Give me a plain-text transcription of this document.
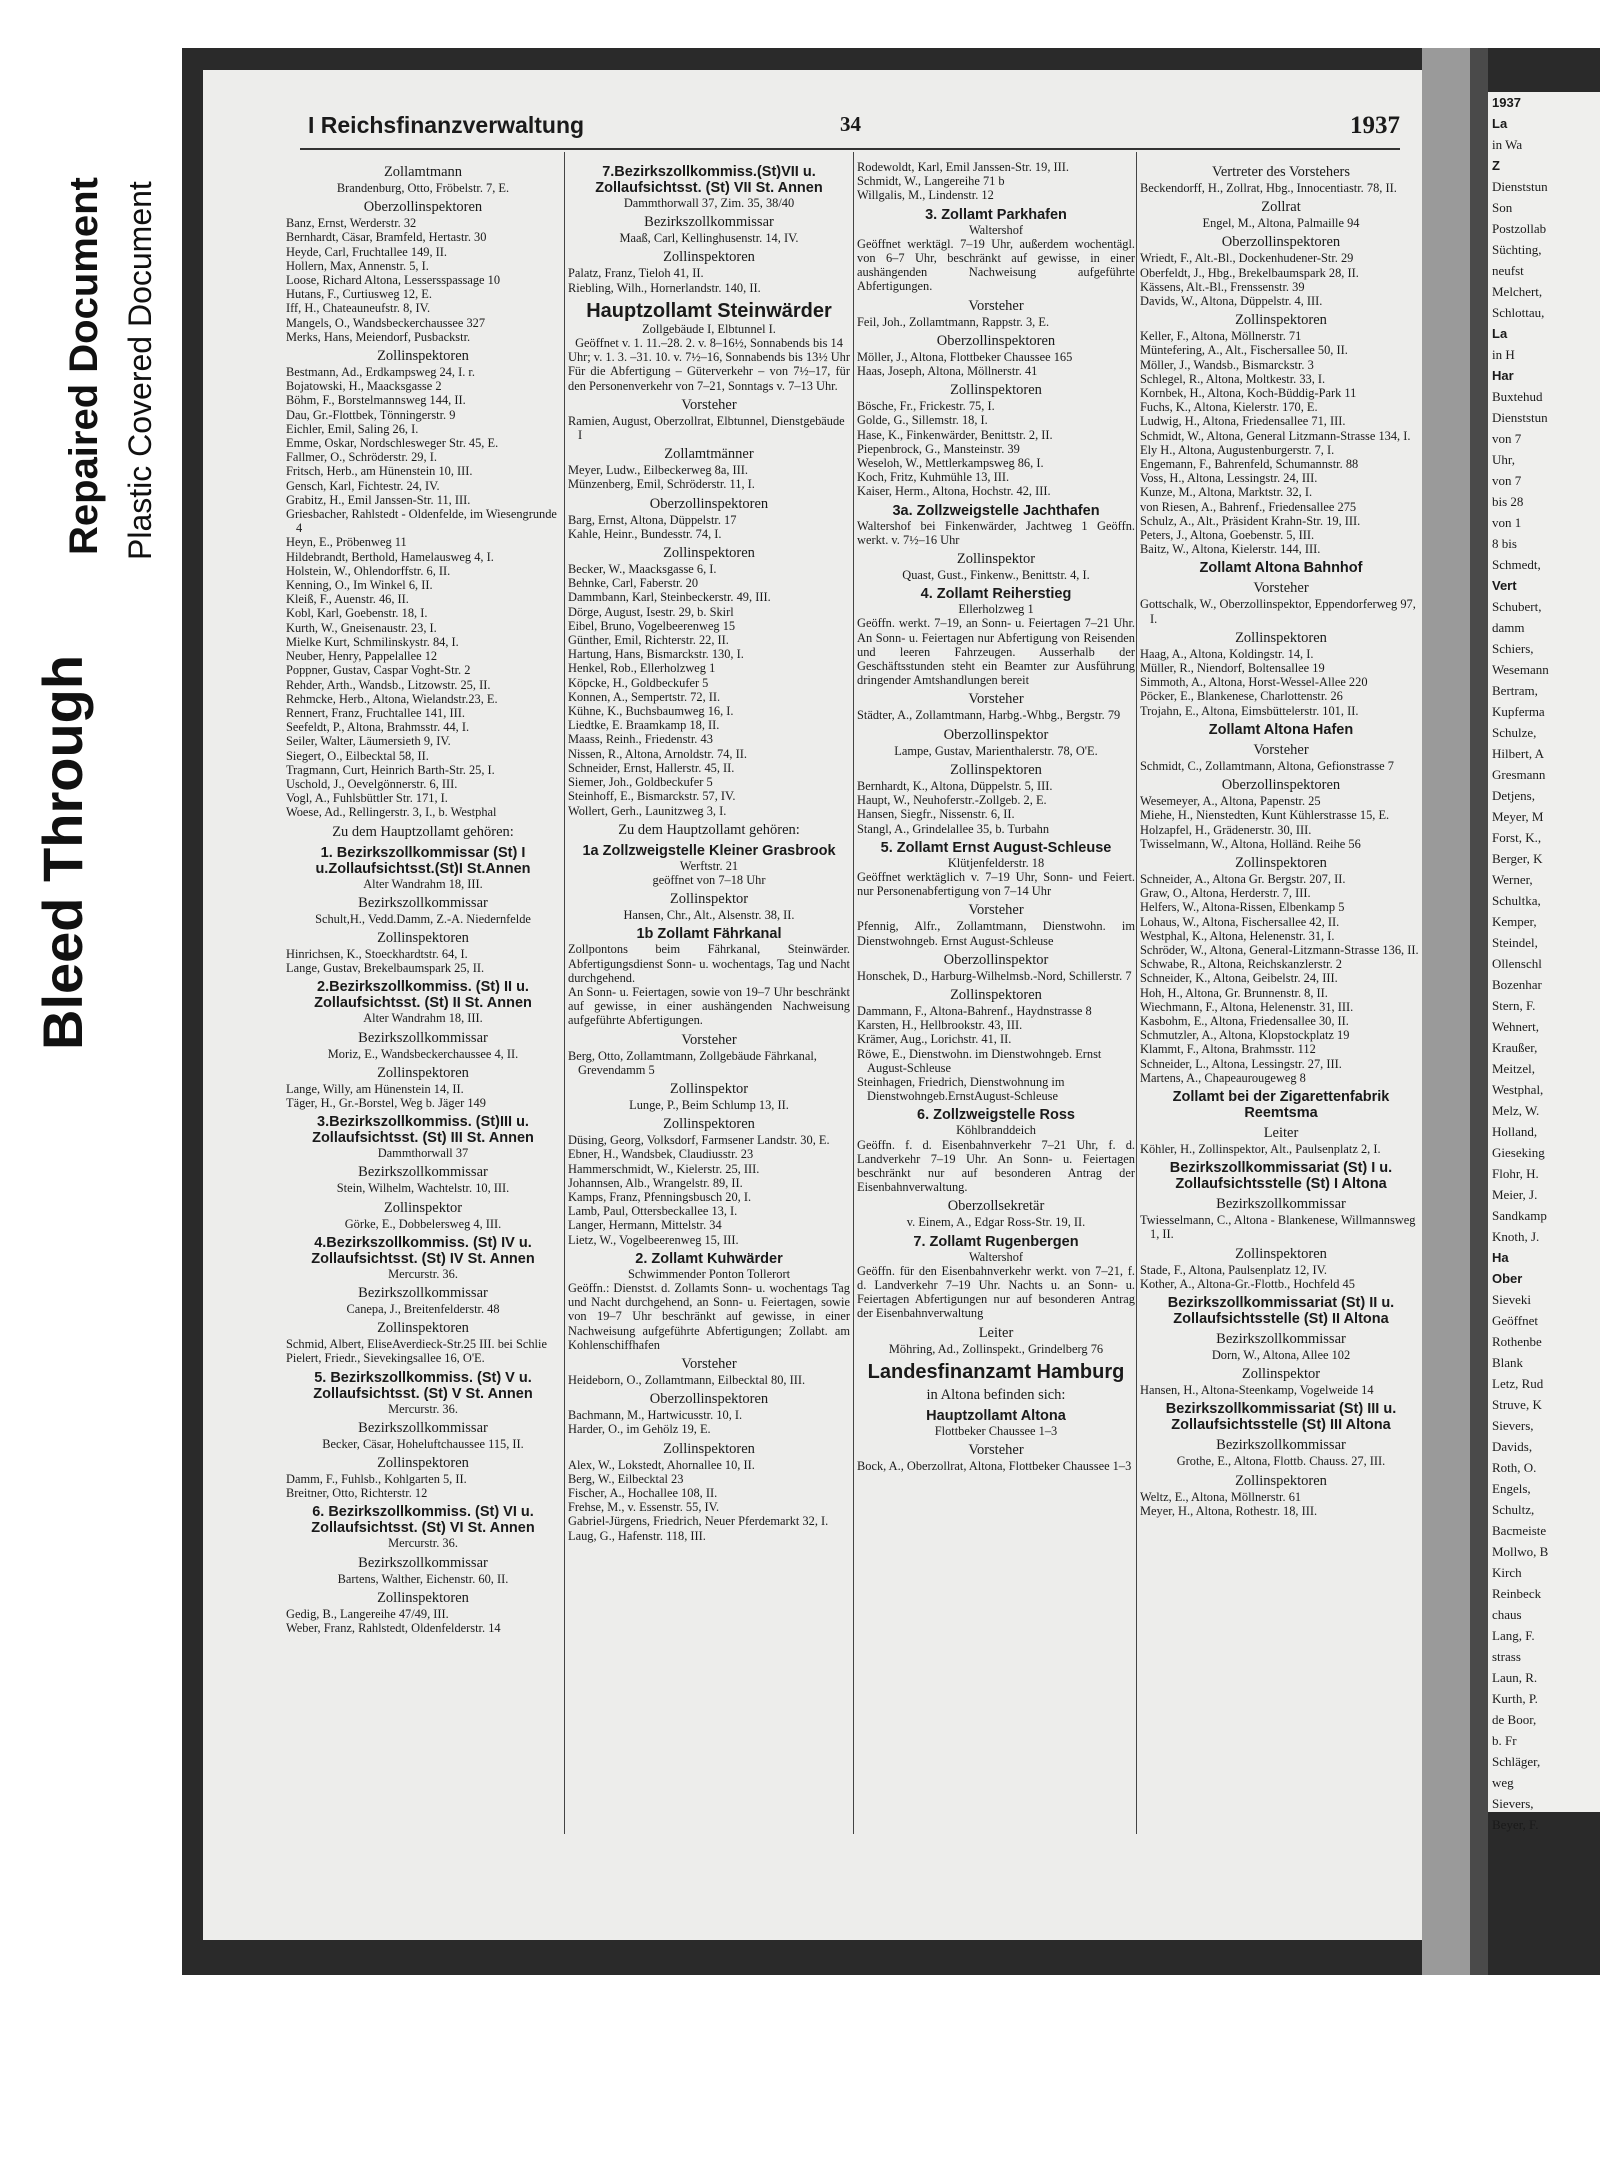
Bleed Through
Repaired Document Plastic Covered Document
1937
La
in Wa
Z
Dienststun
Son
Postzollab
Süchting,
neufst
Melchert,
Schlottau,
La
in H
Har
Buxtehud
Dienststun
von 7
Uhr,
von 7
bis 28
von 1
8 bis
Schmedt,
Vert
Schubert,
damm
Schiers,
Wesemann
Bertram,
Kupferma
Schulze,
Hilbert, A
Gresmann
Detjens,
Meyer, M
Forst, K.,
Berger, K
Werner,
Schultka,
Kemper,
Steindel,
Ollenschl
Bozenhar
Stern, F.
Wehnert,
Kraußer,
Meitzel,
Westphal,
Melz, W.
Holland,
Gieseking
Flohr, H.
Meier, J.
Sandkamp
Knoth, J.
Ha
Ober
Sieveki
Geöffnet
Rothenbe
Blank
Letz, Rud
Struve, K
Sievers,
Davids,
Roth, O.
Engels,
Schultz,
Bacmeiste
Mollwo, B
Kirch
Reinbeck
chaus
Lang, F.
strass
Laun, R.
Kurth, P.
de Boor,
b. Fr
Schläger,
weg
Sievers,
Beyer, F.
I Reichsfinanzverwaltung	34	1937
Zollamtmann
Brandenburg, Otto, Fröbelstr. 7, E.
Oberzollinspektoren
Banz, Ernst, Werderstr. 32
Bernhardt, Cäsar, Bramfeld, Hertastr. 30
Heyde, Carl, Fruchtallee 149, II.
Hollern, Max, Annenstr. 5, I.
Loose, Richard Altona, Lessersspassage 10
Hutans, F., Curtiusweg 12, E.
Iff, H., Chateauneufstr. 8, IV.
Mangels, O., Wandsbeckerchaussee 327
Merks, Hans, Meiendorf, Pusbackstr.
Zollinspektoren
Bestmann, Ad., Erdkampsweg 24, I. r.
Bojatowski, H., Maacksgasse 2
Böhm, F., Borstelmannsweg 144, II.
Dau, Gr.-Flottbek, Tönningerstr. 9
Eichler, Emil, Saling 26, I.
Emme, Oskar, Nordschlesweger Str. 45, E.
Fallmer, O., Schröderstr. 29, I.
Fritsch, Herb., am Hünenstein 10, III.
Gensch, Karl, Fichtestr. 24, IV.
Grabitz, H., Emil Janssen-Str. 11, III.
Griesbacher, Rahlstedt - Oldenfelde, im Wiesengrunde 4
Heyn, E., Pröbenweg 11
Hildebrandt, Berthold, Hamelausweg 4, I.
Holstein, W., Ohlendorffstr. 6, II.
Kenning, O., Im Winkel 6, II.
Kleiß, F., Auenstr. 46, II.
Kobl, Karl, Goebenstr. 18, I.
Kurth, W., Gneisenaustr. 23, I.
Mielke Kurt, Schmilinskystr. 84, I.
Neuber, Henry, Pappelallee 12
Poppner, Gustav, Caspar Voght-Str. 2
Rehder, Arth., Wandsb., Litzowstr. 25, II.
Rehmcke, Herb., Altona, Wielandstr.23, E.
Rennert, Franz, Fruchtallee 141, III.
Seefeldt, P., Altona, Brahmsstr. 44, I.
Seiler, Walter, Läumersieth 9, IV.
Siegert, O., Eilbecktal 58, II.
Tragmann, Curt, Heinrich Barth-Str. 25, I.
Uschold, J., Oevelgönnerstr. 6, III.
Vogl, A., Fuhlsbüttler Str. 171, I.
Woese, Ad., Rellingerstr. 3, I., b. Westphal
Zu dem Hauptzollamt gehören:
1. Bezirkszollkommissar (St) I u.Zollaufsichtsst.(St)I St.Annen
Alter Wandrahm 18, III.
Bezirkszollkommissar
Schult,H., Vedd.Damm, Z.-A. Niedernfelde
Zollinspektoren
Hinrichsen, K., Stoeckhardtstr. 64, I.
Lange, Gustav, Brekelbaumspark 25, II.
2.Bezirkszollkommiss. (St) II u. Zollaufsichtsst. (St) II St. Annen
Alter Wandrahm 18, III.
Bezirkszollkommissar
Moriz, E., Wandsbeckerchaussee 4, II.
Zollinspektoren
Lange, Willy, am Hünenstein 14, II.
Täger, H., Gr.-Borstel, Weg b. Jäger 149
3.Bezirkszollkommiss. (St)III u. Zollaufsichtsst. (St) III St. Annen
Dammthorwall 37
Bezirkszollkommissar
Stein, Wilhelm, Wachtelstr. 10, III.
Zollinspektor
Görke, E., Dobbelersweg 4, III.
4.Bezirkszollkommiss. (St) IV u. Zollaufsichtsst. (St) IV St. Annen
Mercurstr. 36.
Bezirkszollkommissar
Canepa, J., Breitenfelderstr. 48
Zollinspektoren
Schmid, Albert, EliseAverdieck-Str.25 III. bei Schlie
Pielert, Friedr., Sievekingsallee 16, O'E.
5. Bezirkszollkommiss. (St) V u. Zollaufsichtsst. (St) V St. Annen
Mercurstr. 36.
Bezirkszollkommissar
Becker, Cäsar, Hoheluftchaussee 115, II.
Zollinspektoren
Damm, F., Fuhlsb., Kohlgarten 5, II.
Breitner, Otto, Richterstr. 12
6. Bezirkszollkommiss. (St) VI u. Zollaufsichtsst. (St) VI St. Annen
Mercurstr. 36.
Bezirkszollkommissar
Bartens, Walther, Eichenstr. 60, II.
Zollinspektoren
Gedig, B., Langereihe 47/49, III.
Weber, Franz, Rahlstedt, Oldenfelderstr. 14
7.Bezirkszollkommiss.(St)VII u. Zollaufsichtsst. (St) VII St. Annen
Dammthorwall 37, Zim. 35, 38/40
Bezirkszollkommissar
Maaß, Carl, Kellinghusenstr. 14, IV.
Zollinspektoren
Palatz, Franz, Tieloh 41, II.
Riebling, Wilh., Hornerlandstr. 140, II.
Hauptzollamt Steinwärder
Zollgebäude I, Elbtunnel I.
Geöffnet v. 1. 11.–28. 2. v. 8–16½, Sonnabends bis 14 Uhr; v. 1. 3. –31. 10. v. 7½–16, Sonnabends bis 13½ Uhr
Für die Abfertigung – Güterverkehr – von 7½–17, für den Personenverkehr von 7–21, Sonntags v. 7–13 Uhr.
Vorsteher
Ramien, August, Oberzollrat, Elbtunnel, Dienstgebäude I
Zollamtmänner
Meyer, Ludw., Eilbeckerweg 8a, III.
Münzenberg, Emil, Schröderstr. 11, I.
Oberzollinspektoren
Barg, Ernst, Altona, Düppelstr. 17
Kahle, Heinr., Bundesstr. 74, I.
Zollinspektoren
Becker, W., Maacksgasse 6, I.
Behnke, Carl, Faberstr. 20
Dammbann, Karl, Steinbeckerstr. 49, III.
Dörge, August, Isestr. 29, b. Skirl
Eibel, Bruno, Vogelbeerenweg 15
Günther, Emil, Richterstr. 22, II.
Hartung, Hans, Bismarckstr. 130, I.
Henkel, Rob., Ellerholzweg 1
Köpcke, H., Goldbeckufer 5
Konnen, A., Sempertstr. 72, II.
Kühne, K., Buchsbaumweg 16, I.
Liedtke, E. Braamkamp 18, II.
Maass, Reinh., Friedenstr. 43
Nissen, R., Altona, Arnoldstr. 74, II.
Schneider, Ernst, Hallerstr. 45, II.
Siemer, Joh., Goldbeckufer 5
Steinhoff, E., Bismarckstr. 57, IV.
Wollert, Gerh., Launitzweg 3, I.
Zu dem Hauptzollamt gehören:
1a Zollzweigstelle Kleiner Grasbrook
Werftstr. 21
geöffnet von 7–18 Uhr
Zollinspektor
Hansen, Chr., Alt., Alsenstr. 38, II.
1b Zollamt Fährkanal
Zollpontons beim Fährkanal, Steinwärder. Abfertigungsdienst Sonn- u. wochentags, Tag und Nacht durchgehend.
An Sonn- u. Feiertagen, sowie von 19–7 Uhr beschränkt auf gewisse, in einer aushängenden Nachweisung aufgeführte Abfertigungen.
Vorsteher
Berg, Otto, Zollamtmann, Zollgebäude Fährkanal, Grevendamm 5
Zollinspektor
Lunge, P., Beim Schlump 13, II.
Zollinspektoren
Düsing, Georg, Volksdorf, Farmsener Landstr. 30, E.
Ebner, H., Wandsbek, Claudiusstr. 23
Hammerschmidt, W., Kielerstr. 25, III.
Johannsen, Alb., Wrangelstr. 89, II.
Kamps, Franz, Pfenningsbusch 20, I.
Lamb, Paul, Ottersbeckallee 13, I.
Langer, Hermann, Mittelstr. 34
Lietz, W., Vogelbeerenweg 15, III.
2. Zollamt Kuhwärder
Schwimmender Ponton Tollerort
Geöffn.: Dienstst. d. Zollamts Sonn- u. wochentags Tag und Nacht durchgehend, an Sonn- u. Feiertagen, sowie von 19–7 Uhr beschränkt auf gewisse, in einer Nachweisung aufgeführte Abfertigungen; Zollabt. am Kohlenschiffhafen
Vorsteher
Heideborn, O., Zollamtmann, Eilbecktal 80, III.
Oberzollinspektoren
Bachmann, M., Hartwicusstr. 10, I.
Harder, O., im Gehölz 19, E.
Zollinspektoren
Alex, W., Lokstedt, Ahornallee 10, II.
Berg, W., Eilbecktal 23
Fischer, A., Hochallee 108, II.
Frehse, M., v. Essenstr. 55, IV.
Gabriel-Jürgens, Friedrich, Neuer Pferdemarkt 32, I.
Laug, G., Hafenstr. 118, III.
Rodewoldt, Karl, Emil Janssen-Str. 19, III.
Schmidt, W., Langereihe 71 b
Willgalis, M., Lindenstr. 12
3. Zollamt Parkhafen
Waltershof
Geöffnet werktägl. 7–19 Uhr, außerdem wochentägl. von 6–7 Uhr, beschränkt auf gewisse, in einer aushängenden Nachweisung aufgeführte Abfertigungen.
Vorsteher
Feil, Joh., Zollamtmann, Rappstr. 3, E.
Oberzollinspektoren
Möller, J., Altona, Flottbeker Chaussee 165
Haas, Joseph, Altona, Möllnerstr. 41
Zollinspektoren
Bösche, Fr., Frickestr. 75, I.
Golde, G., Sillemstr. 18, I.
Hase, K., Finkenwärder, Benittstr. 2, II.
Piepenbrock, G., Mansteinstr. 39
Weseloh, W., Mettlerkampsweg 86, I.
Koch, Fritz, Kuhmühle 13, III.
Kaiser, Herm., Altona, Hochstr. 42, III.
3a. Zollzweigstelle Jachthafen
Waltershof bei Finkenwärder, Jachtweg 1 Geöffn. werkt. v. 7½–16 Uhr
Zollinspektor
Quast, Gust., Finkenw., Benittstr. 4, I.
4. Zollamt Reiherstieg
Ellerholzweg 1
Geöffn. werkt. 7–19, an Sonn- u. Feiertagen 7–21 Uhr. An Sonn- u. Feiertagen nur Abfertigung von Reisenden und leeren Fahrzeugen. Ausserhalb der Geschäftsstunden steht ein Beamter zur Ausführung dringender Amtshandlungen bereit
Vorsteher
Städter, A., Zollamtmann, Harbg.-Whbg., Bergstr. 79
Oberzollinspektor
Lampe, Gustav, Marienthalerstr. 78, O'E.
Zollinspektoren
Bernhardt, K., Altona, Düppelstr. 5, III.
Haupt, W., Neuhoferstr.-Zollgeb. 2, E.
Hansen, Siegfr., Nissenstr. 6, II.
Stangl, A., Grindelallee 35, b. Turbahn
5. Zollamt Ernst August-Schleuse
Klütjenfelderstr. 18
Geöffnet werktäglich v. 7–19 Uhr, Sonn- und Feiert. nur Personenabfertigung von 7–14 Uhr
Vorsteher
Pfennig, Alfr., Zollamtmann, Dienstwohn. im Dienstwohngeb. Ernst August-Schleuse
Oberzollinspektor
Honschek, D., Harburg-Wilhelmsb.-Nord, Schillerstr. 7
Zollinspektoren
Dammann, F., Altona-Bahrenf., Haydnstrasse 8
Karsten, H., Hellbrookstr. 43, III.
Krämer, Aug., Lorichstr. 41, II.
Röwe, E., Dienstwohn. im Dienstwohngeb. Ernst August-Schleuse
Steinhagen, Friedrich, Dienstwohnung im Dienstwohngeb.ErnstAugust-Schleuse
6. Zollzweigstelle Ross
Köhlbranddeich
Geöffn. f. d. Eisenbahnverkehr 7–21 Uhr, f. d. Landverkehr 7–19 Uhr. An Sonn- u. Feiertagen beschränkt nur auf besonderen Antrag der Eisenbahnverwaltung.
Oberzollsekretär
v. Einem, A., Edgar Ross-Str. 19, II.
7. Zollamt Rugenbergen
Waltershof
Geöffn. für den Eisenbahnverkehr werkt. von 7–21, f. d. Landverkehr 7–19 Uhr. Nachts u. an Sonn- u. Feiertagen Abfertigungen nur auf besonderen Antrag der Eisenbahnverwaltung
Leiter
Möhring, Ad., Zollinspekt., Grindelberg 76
Landesfinanzamt Hamburg
in Altona befinden sich:
Hauptzollamt Altona
Flottbeker Chaussee 1–3
Vorsteher
Bock, A., Oberzollrat, Altona, Flottbeker Chaussee 1–3
Vertreter des Vorstehers
Beckendorff, H., Zollrat, Hbg., Innocentiastr. 78, II.
Zollrat
Engel, M., Altona, Palmaille 94
Oberzollinspektoren
Wriedt, F., Alt.-Bl., Dockenhudener-Str. 29
Oberfeldt, J., Hbg., Brekelbaumspark 28, II.
Kässens, Alt.-Bl., Frenssenstr. 39
Davids, W., Altona, Düppelstr. 4, III.
Zollinspektoren
Keller, F., Altona, Möllnerstr. 71
Müntefering, A., Alt., Fischersallee 50, II.
Möller, J., Wandsb., Bismarckstr. 3
Schlegel, R., Altona, Moltkestr. 33, I.
Kornbek, H., Altona, Koch-Büddig-Park 11
Fuchs, K., Altona, Kielerstr. 170, E.
Ludwig, H., Altona, Friedensallee 71, III.
Schmidt, W., Altona, General Litzmann-Strasse 134, I.
Ely H., Altona, Augustenburgerstr. 7, I.
Engemann, F., Bahrenfeld, Schumannstr. 88
Voss, H., Altona, Lessingstr. 24, III.
Kunze, M., Altona, Marktstr. 32, I.
von Riesen, A., Bahrenf., Friedensallee 275
Schulz, A., Alt., Präsident Krahn-Str. 19, III.
Peters, J., Altona, Goebenstr. 5, III.
Baitz, W., Altona, Kielerstr. 144, III.
Zollamt Altona Bahnhof
Vorsteher
Gottschalk, W., Oberzollinspektor, Eppendorferweg 97, I.
Zollinspektoren
Haag, A., Altona, Koldingstr. 14, I.
Müller, R., Niendorf, Boltensallee 19
Simmoth, A., Altona, Horst-Wessel-Allee 220
Pöcker, E., Blankenese, Charlottenstr. 26
Trojahn, E., Altona, Eimsbüttelerstr. 101, II.
Zollamt Altona Hafen
Vorsteher
Schmidt, C., Zollamtmann, Altona, Gefionstrasse 7
Oberzollinspektoren
Wesemeyer, A., Altona, Papenstr. 25
Miehe, H., Nienstedten, Kunt Kühlerstrasse 15, E.
Holzapfel, H., Grädenerstr. 30, III.
Twisselmann, W., Altona, Holländ. Reihe 56
Zollinspektoren
Schneider, A., Altona Gr. Bergstr. 207, II.
Graw, O., Altona, Herderstr. 7, III.
Helfers, W., Altona-Rissen, Elbenkamp 5
Lohaus, W., Altona, Fischersallee 42, II.
Westphal, K., Altona, Helenenstr. 31, I.
Schröder, W., Altona, General-Litzmann-Strasse 136, II.
Schwabe, R., Altona, Reichskanzlerstr. 2
Schneider, K., Altona, Geibelstr. 24, III.
Hoh, H., Altona, Gr. Brunnenstr. 8, II.
Wiechmann, F., Altona, Helenenstr. 31, III.
Kasbohm, E., Altona, Friedensallee 30, II.
Schmutzler, A., Altona, Klopstockplatz 19
Klammt, F., Altona, Brahmsstr. 112
Schneider, L., Altona, Lessingstr. 27, III.
Martens, A., Chapeaurougeweg 8
Zollamt bei der Zigarettenfabrik Reemtsma
Leiter
Köhler, H., Zollinspektor, Alt., Paulsenplatz 2, I.
Bezirkszollkommissariat (St) I u. Zollaufsichtsstelle (St) I Altona
Bezirkszollkommissar
Twiesselmann, C., Altona - Blankenese, Willmannsweg 1, II.
Zollinspektoren
Stade, F., Altona, Paulsenplatz 12, IV.
Kother, A., Altona-Gr.-Flottb., Hochfeld 45
Bezirkszollkommissariat (St) II u. Zollaufsichtsstelle (St) II Altona
Bezirkszollkommissar
Dorn, W., Altona, Allee 102
Zollinspektor
Hansen, H., Altona-Steenkamp, Vogelweide 14
Bezirkszollkommissariat (St) III u. Zollaufsichtsstelle (St) III Altona
Bezirkszollkommissar
Grothe, E., Altona, Flottb. Chauss. 27, III.
Zollinspektoren
Weltz, E., Altona, Möllnerstr. 61
Meyer, H., Altona, Rothestr. 18, III.
